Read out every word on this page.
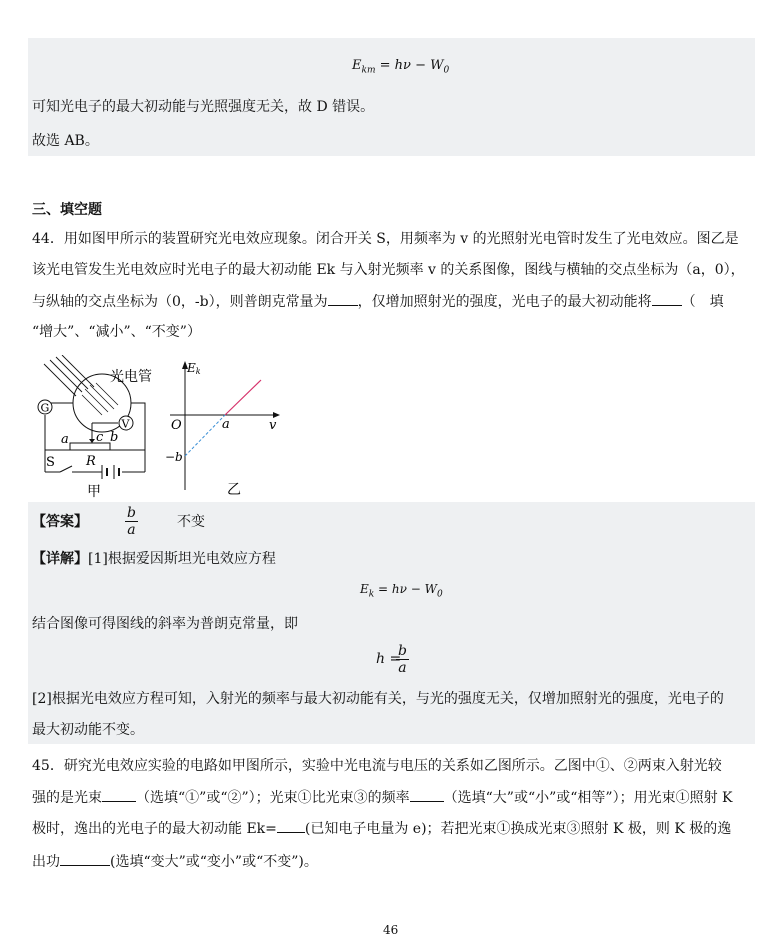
$E_{km} = h\nu - W_0$
可知光电子的最大初动能与光照强度无关，故 D 错误。
故选 AB。
三、填空题
44．用如图甲所示的装置研究光电效应现象。闭合开关 S，用频率为 v 的光照射光电管时发生了光电效应。图乙是
该光电管发生光电效应时光电子的最大初动能 Ek 与入射光频率 v 的关系图像，图线与横轴的交点坐标为（a，0），
与纵轴的交点坐标为（0，-b），则普朗克常量为 ，仅增加照射光的强度，光电子的最大初动能将 （　填
“增大”、“减小”、“不变”）
光电管
G
V
a c b
S R
甲
Ek
O	a	v
−b
乙
【答案】	$\frac{b}{a}$	不变
【详解】[1]根据爱因斯坦光电效应方程
$E_k = h\nu - W_0$
结合图像可得图线的斜率为普朗克常量，即
h =
$\frac{b}{a}$
[2]根据光电效应方程可知，入射光的频率与最大初动能有关，与光的强度无关，仅增加照射光的强度，光电子的
最大初动能不变。
45．研究光电效应实验的电路如甲图所示，实验中光电流与电压的关系如乙图所示。乙图中①、②两束入射光较
强的是光束 （选填“①”或“②”）；光束①比光束③的频率 （选填“大”或“小”或“相等”）；用光束①照射 K
极时，逸出的光电子的最大初动能 Ek= (已知电子电量为 e)；若把光束①换成光束③照射 K 极，则 K 极的逸
出功	(选填“变大”或“变小”或“不变”)。
46
